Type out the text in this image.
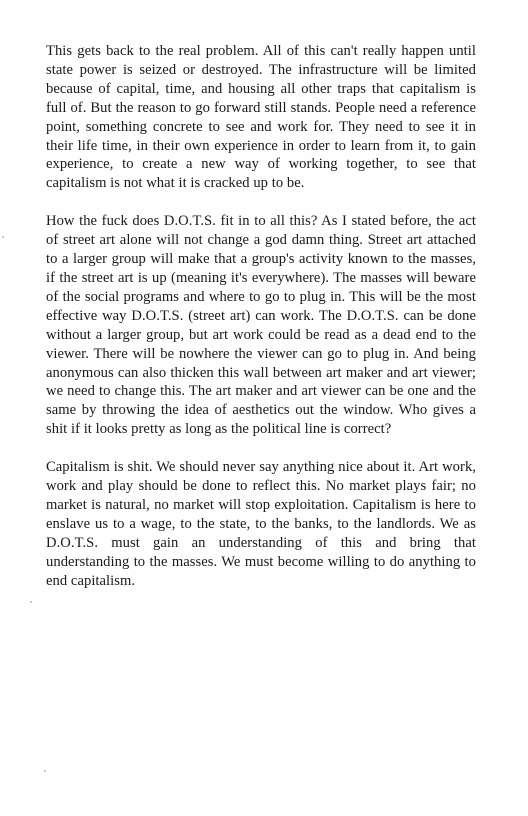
This gets back to the real problem. All of this can't really happen until state power is seized or destroyed. The infrastructure will be limited because of capital, time, and housing all other traps that capitalism is full of. But the reason to go forward still stands. People need a reference point, something concrete to see and work for. They need to see it in their life time, in their own experience in order to learn from it, to gain experience, to create a new way of working together, to see that capitalism is not what it is cracked up to be.

How the fuck does D.O.T.S. fit in to all this? As I stated before, the act of street art alone will not change a god damn thing. Street art attached to a larger group will make that a group's activity known to the masses, if the street art is up (meaning it's everywhere). The masses will beware of the social programs and where to go to plug in. This will be the most effective way D.O.T.S. (street art) can work. The D.O.T.S. can be done without a larger group, but art work could be read as a dead end to the viewer. There will be nowhere the viewer can go to plug in. And being anonymous can also thicken this wall between art maker and art viewer; we need to change this. The art maker and art viewer can be one and the same by throwing the idea of aesthetics out the window. Who gives a shit if it looks pretty as long as the political line is correct?

Capitalism is shit. We should never say anything nice about it. Art work, work and play should be done to reflect this. No market plays fair; no market is natural, no market will stop exploitation. Capitalism is here to enslave us to a wage, to the state, to the banks, to the landlords. We as D.O.T.S. must gain an understanding of this and bring that understanding to the masses. We must become willing to do anything to end capitalism.
